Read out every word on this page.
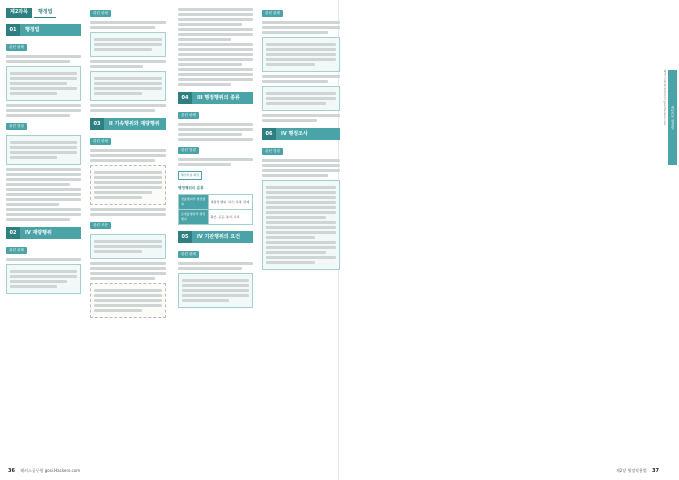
제2과목	행정법
01	행정법
관련 판례
관련 법령
02	IV 재량행위
관련 판례
관련 판례
03	II 기속행위와 재량행위
관련 판례
관련 조문
04	III 행정행위의 종류
관련 판례
관련 법령
해당부분 확인
행정행위의 분류
법률행위적 행정행위	명령적 행위: 허가, 하명, 면제
준법률행위적 행정행위	확인, 공증, 통지, 수리
05	IV 기판행위의 요건
관련 판례
관련 판례
06	IV 행정조사
관련 법령
제2과목 행정법
해커스공무원 학원·인강 gosi.Hackers.com
36 해커스공무원 gosi.Hackers.com	제2장 행정작용법 37
